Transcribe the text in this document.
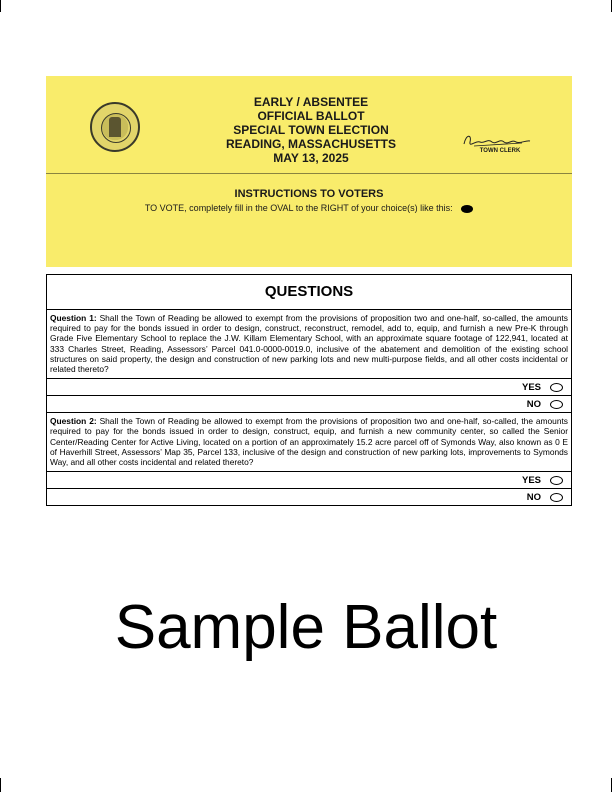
EARLY / ABSENTEE
OFFICIAL BALLOT
SPECIAL TOWN ELECTION
READING, MASSACHUSETTS
MAY 13, 2025	TOWN CLERK
INSTRUCTIONS TO VOTERS
TO VOTE, completely fill in the OVAL to the RIGHT of your choice(s) like this:
QUESTIONS
Question 1: Shall the Town of Reading be allowed to exempt from the provisions of proposition two and one-half, so-called, the amounts required to pay for the bonds issued in order to design, construct, reconstruct, remodel, add to, equip, and furnish a new Pre-K through Grade Five Elementary School to replace the J.W. Killam Elementary School, with an approximate square footage of 122,941, located at 333 Charles Street, Reading, Assessors’ Parcel 041.0-0000-0019.0, inclusive of the abatement and demolition of the existing school structures on said property, the design and construction of new parking lots and new multi-purpose fields, and all other costs incidental or related thereto?
YES
NO
Question 2: Shall the Town of Reading be allowed to exempt from the provisions of proposition two and one-half, so-called, the amounts required to pay for the bonds issued in order to design, construct, equip, and furnish a new community center, so called the Senior Center/Reading Center for Active Living, located on a portion of an approximately 15.2 acre parcel off of Symonds Way, also known as 0 E of Haverhill Street, Assessors’ Map 35, Parcel 133, inclusive of the design and construction of new parking lots, improvements to Symonds Way, and all other costs incidental and related thereto?
YES
NO
Sample Ballot
